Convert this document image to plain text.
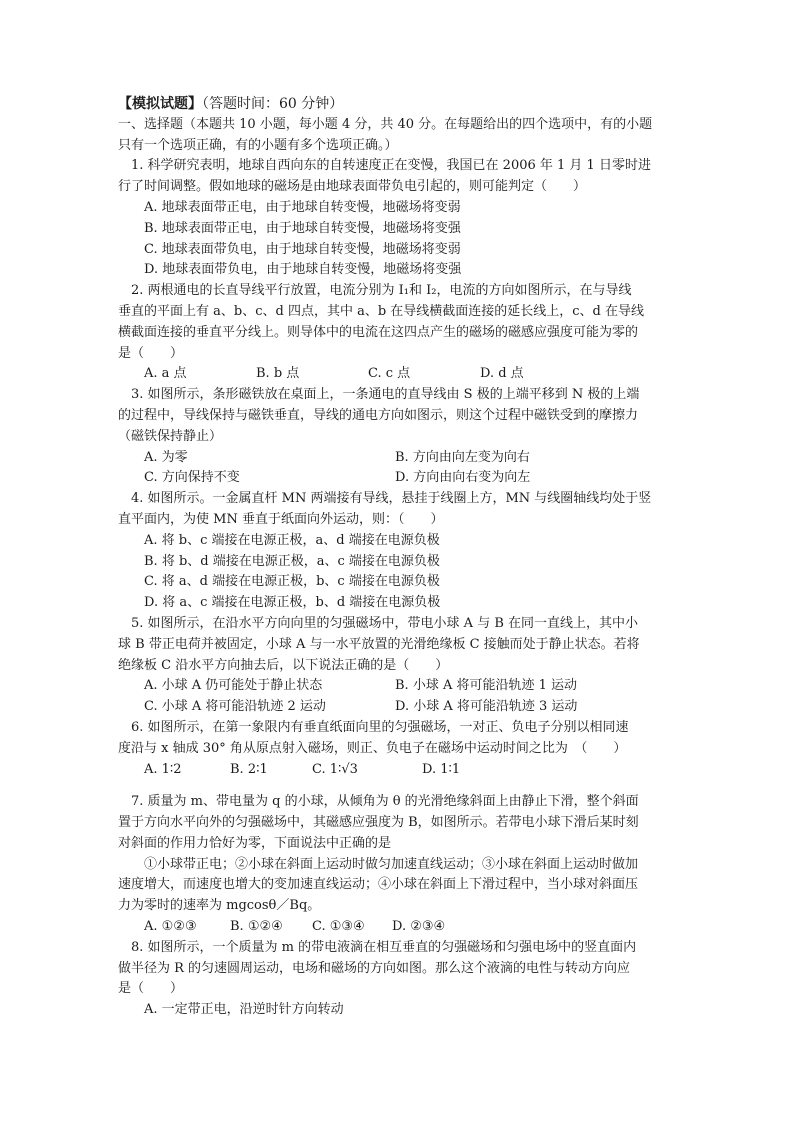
【模拟试题】（答题时间：60 分钟）
一、选择题（本题共 10 小题，每小题 4 分，共 40 分。在每题给出的四个选项中，有的小题
只有一个选项正确，有的小题有多个选项正确。）
1. 科学研究表明，地球自西向东的自转速度正在变慢，我国已在 2006 年 1 月 1 日零时进
行了时间调整。假如地球的磁场是由地球表面带负电引起的，则可能判定（　　）
A. 地球表面带正电，由于地球自转变慢，地磁场将变弱
B. 地球表面带正电，由于地球自转变慢，地磁场将变强
C. 地球表面带负电，由于地球自转变慢，地磁场将变弱
D. 地球表面带负电，由于地球自转变慢，地磁场将变强
2. 两根通电的长直导线平行放置，电流分别为 I₁和 I₂，电流的方向如图所示，在与导线
垂直的平面上有 a、b、c、d 四点，其中 a、b 在导线横截面连接的延长线上，c、d 在导线
横截面连接的垂直平分线上。则导体中的电流在这四点产生的磁场的磁感应强度可能为零的
是（　　）
A. a 点	B. b 点	C. c 点	D. d 点
3. 如图所示，条形磁铁放在桌面上，一条通电的直导线由 S 极的上端平移到 N 极的上端
的过程中，导线保持与磁铁垂直，导线的通电方向如图示，则这个过程中磁铁受到的摩擦力
（磁铁保持静止）
A. 为零	B. 方向由向左变为向右
C. 方向保持不变	D. 方向由向右变为向左
4. 如图所示。一金属直杆 MN 两端接有导线，悬挂于线圈上方，MN 与线圈轴线均处于竖
直平面内，为使 MN 垂直于纸面向外运动，则：（　　）
A. 将 b、c 端接在电源正极，a、d 端接在电源负极
B. 将 b、d 端接在电源正极，a、c 端接在电源负极
C. 将 a、d 端接在电源正极，b、c 端接在电源负极
D. 将 a、c 端接在电源正极，b、d 端接在电源负极
5. 如图所示，在沿水平方向向里的匀强磁场中，带电小球 A 与 B 在同一直线上，其中小
球 B 带正电荷并被固定，小球 A 与一水平放置的光滑绝缘板 C 接触而处于静止状态。若将
绝缘板 C 沿水平方向抽去后，以下说法正确的是（　　）
A. 小球 A 仍可能处于静止状态	B. 小球 A 将可能沿轨迹 1 运动
C. 小球 A 将可能沿轨迹 2 运动	D. 小球 A 将可能沿轨迹 3 运动
6. 如图所示，在第一象限内有垂直纸面向里的匀强磁场，一对正、负电子分别以相同速
度沿与 x 轴成 30° 角从原点射入磁场，则正、负电子在磁场中运动时间之比为　（　　）
A. 1∶2	B. 2∶1	C. 1∶√3	D. 1∶1
7. 质量为 m、带电量为 q 的小球，从倾角为 θ 的光滑绝缘斜面上由静止下滑，整个斜面
置于方向水平向外的匀强磁场中，其磁感应强度为 B，如图所示。若带电小球下滑后某时刻
对斜面的作用力恰好为零，下面说法中正确的是
①小球带正电；②小球在斜面上运动时做匀加速直线运动；③小球在斜面上运动时做加
速度增大，而速度也增大的变加速直线运动；④小球在斜面上下滑过程中，当小球对斜面压
力为零时的速率为 mgcosθ／Bq。
A. ①②③	B. ①②④	C. ①③④	D. ②③④
8. 如图所示，一个质量为 m 的带电液滴在相互垂直的匀强磁场和匀强电场中的竖直面内
做半径为 R 的匀速圆周运动，电场和磁场的方向如图。那么这个液滴的电性与转动方向应
是（　　）
A. 一定带正电，沿逆时针方向转动
